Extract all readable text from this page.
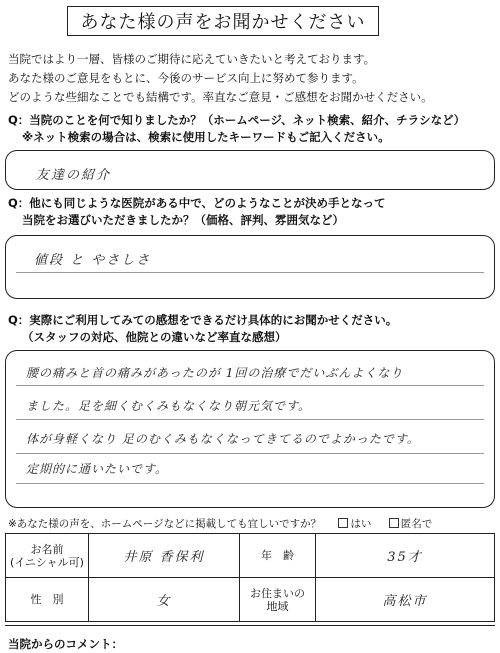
あなた様の声をお聞かせください
当院ではより一層、皆様のご期待に応えていきたいと考えております。
あなた様のご意見をもとに、今後のサービス向上に努めて参ります。
どのような些細なことでも結構です。率直なご意見・ご感想をお聞かせください。
Q：当院のことを何で知りましたか？（ホームページ、ネット検索、紹介、チラシなど）
※ネット検索の場合は、検索に使用したキーワードもご記入ください。
友達の紹介
Q：他にも同じような医院がある中で、どのようなことが決め手となって
当院をお選びいただきましたか？（価格、評判、雰囲気など）
値段 と やさしさ
Q：実際にご利用してみての感想をできるだけ具体的にお聞かせください。
（スタッフの対応、他院との違いなど率直な感想）
腰の痛みと首の痛みがあったのが 1回の治療でだいぶんよくなり
ました。足を細くむくみもなくなり朝元気です。
体が身軽くなり 足のむくみもなくなってきてるのでよかったです。
定期的に通いたいです。
※あなた様の声を、ホームページなどに掲載しても宜しいですか？	はい	匿名で
お名前
(イニシャル可)	井原 香保利	年　齢	35才
性　別	女	お住まいの
地域	高松市
当院からのコメント：
